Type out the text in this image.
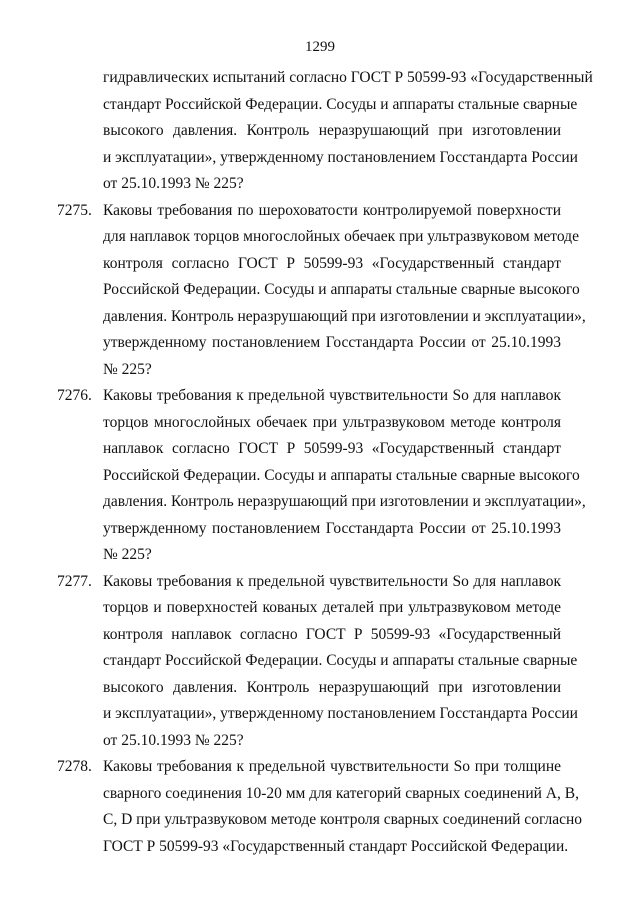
1299
гидравлических испытаний согласно ГОСТ Р 50599-93 «Государственный
стандарт Российской Федерации. Сосуды и аппараты стальные сварные
высокого давления. Контроль неразрушающий при изготовлении
и эксплуатации», утвержденному постановлением Госстандарта России
от 25.10.1993 № 225?
7275. Каковы требования по шероховатости контролируемой поверхности
для наплавок торцов многослойных обечаек при ультразвуковом методе
контроля согласно ГОСТ Р 50599-93 «Государственный стандарт
Российской Федерации. Сосуды и аппараты стальные сварные высокого
давления. Контроль неразрушающий при изготовлении и эксплуатации»,
утвержденному постановлением Госстандарта России от 25.10.1993
№ 225?
7276. Каковы требования к предельной чувствительности So для наплавок
торцов многослойных обечаек при ультразвуковом методе контроля
наплавок согласно ГОСТ Р 50599-93 «Государственный стандарт
Российской Федерации. Сосуды и аппараты стальные сварные высокого
давления. Контроль неразрушающий при изготовлении и эксплуатации»,
утвержденному постановлением Госстандарта России от 25.10.1993
№ 225?
7277. Каковы требования к предельной чувствительности So для наплавок
торцов и поверхностей кованых деталей при ультразвуковом методе
контроля наплавок согласно ГОСТ Р 50599-93 «Государственный
стандарт Российской Федерации. Сосуды и аппараты стальные сварные
высокого давления. Контроль неразрушающий при изготовлении
и эксплуатации», утвержденному постановлением Госстандарта России
от 25.10.1993 № 225?
7278. Каковы требования к предельной чувствительности So при толщине
сварного соединения 10-20 мм для категорий сварных соединений A, B,
C, D при ультразвуковом методе контроля сварных соединений согласно
ГОСТ Р 50599-93 «Государственный стандарт Российской Федерации.
